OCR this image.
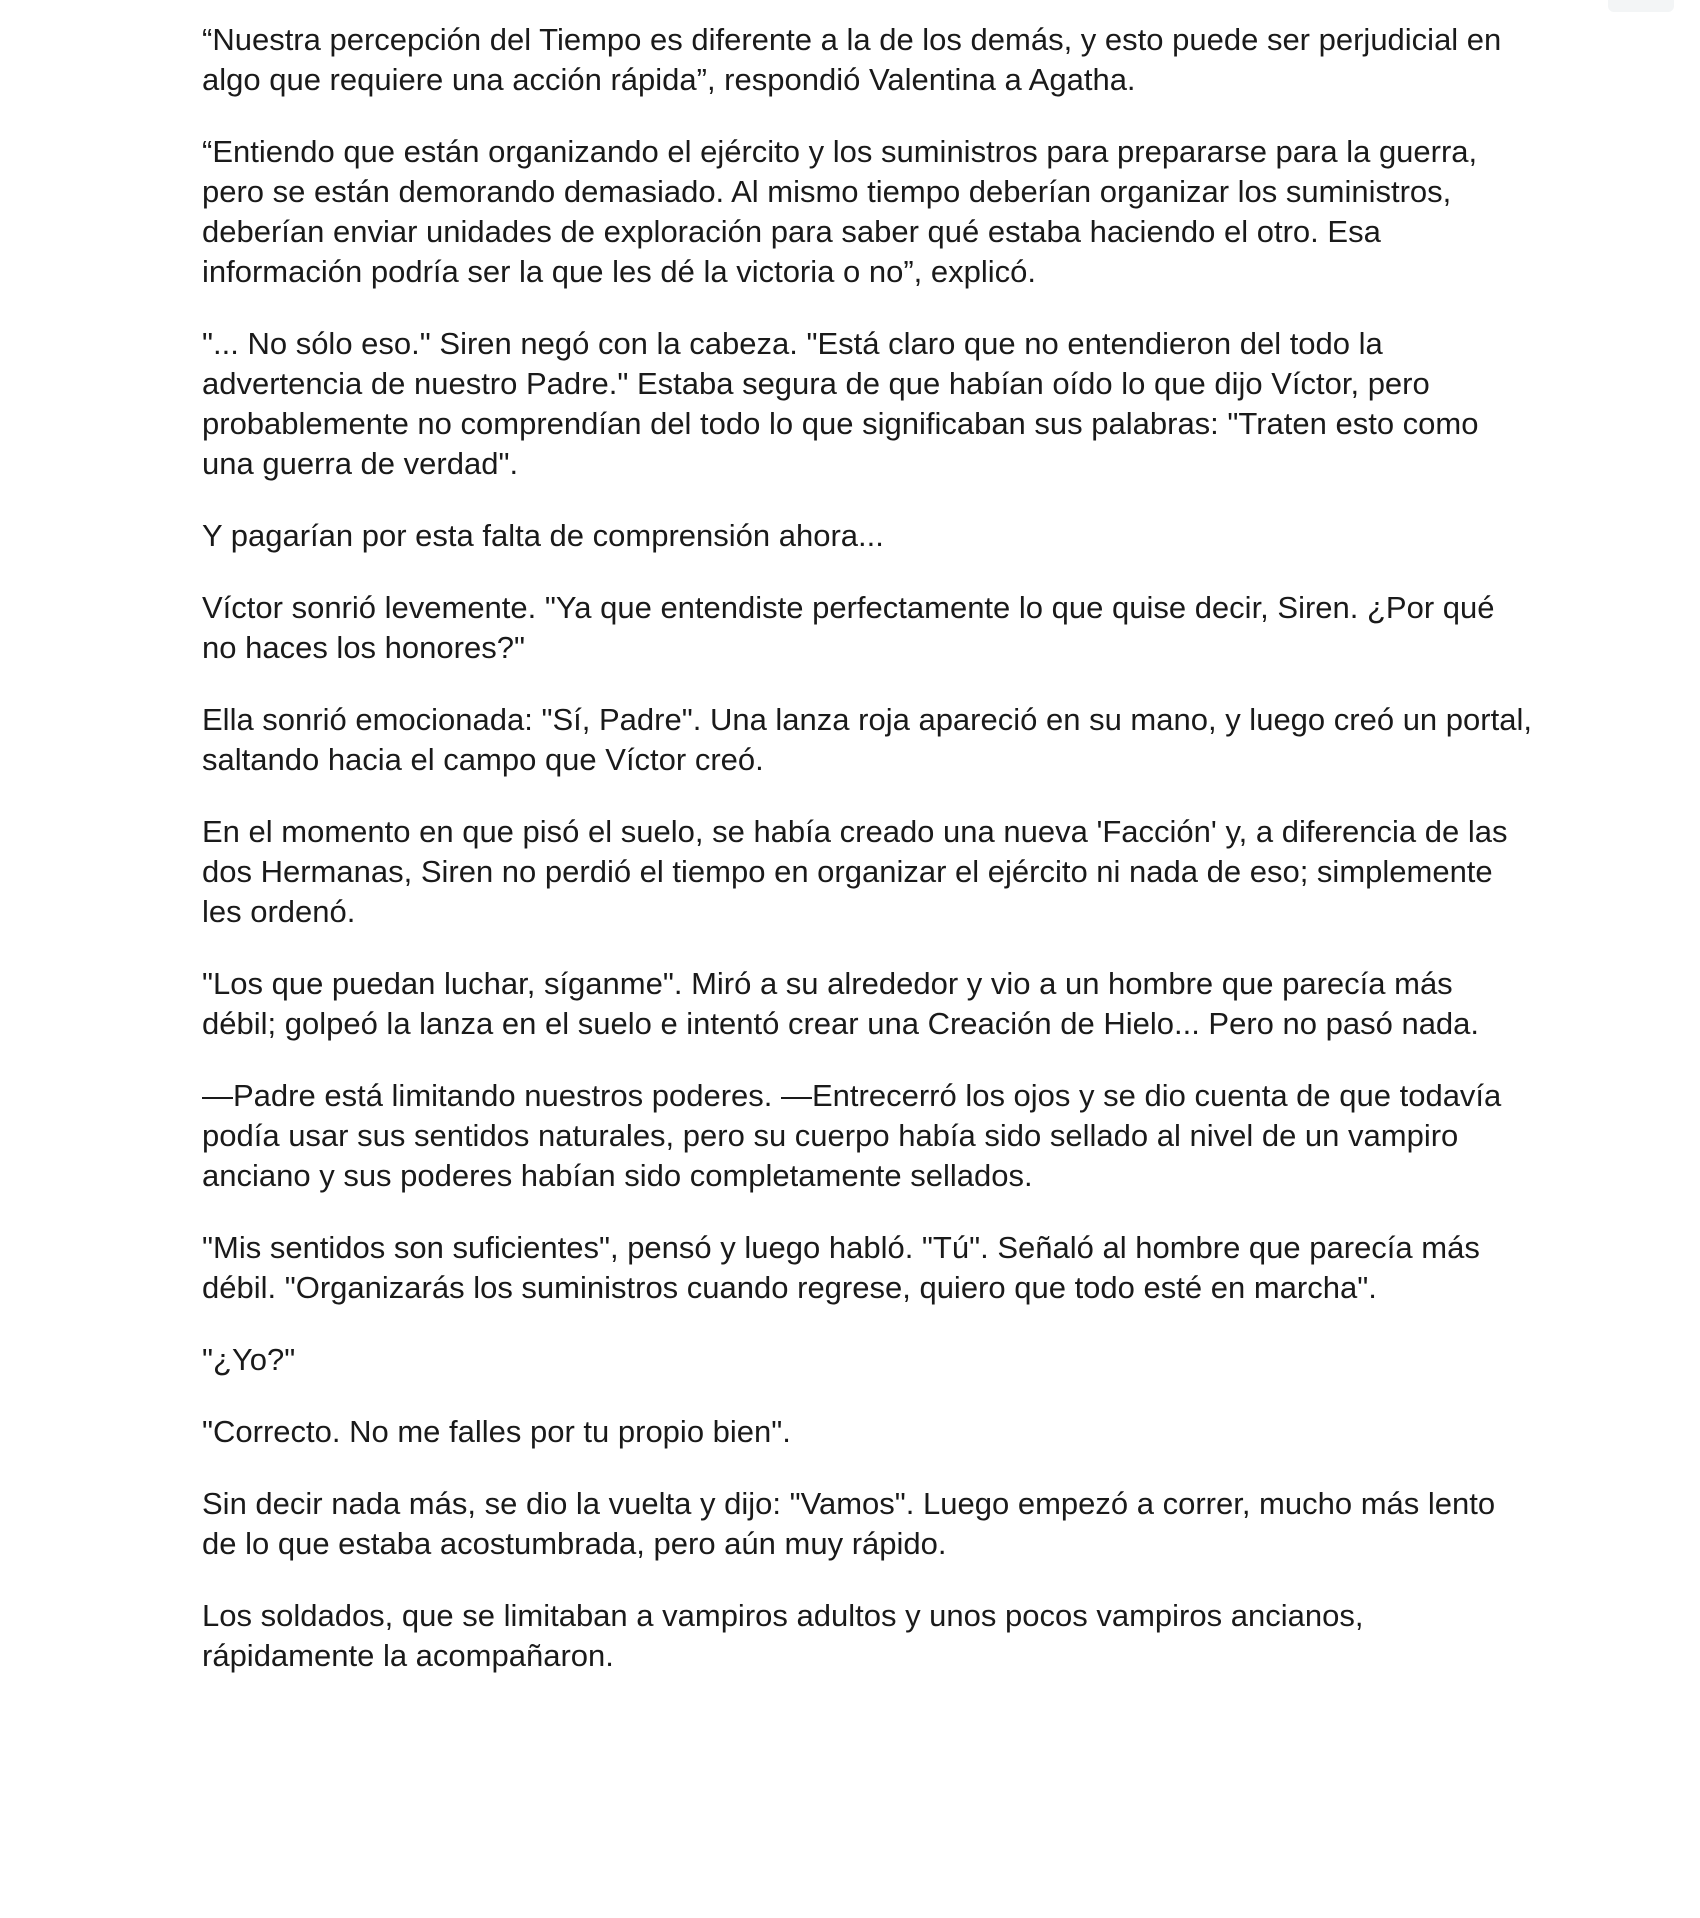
“Nuestra percepción del Tiempo es diferente a la de los demás, y esto puede ser perjudicial en algo que requiere una acción rápida”, respondió Valentina a Agatha.

“Entiendo que están organizando el ejército y los suministros para prepararse para la guerra, pero se están demorando demasiado. Al mismo tiempo deberían organizar los suministros, deberían enviar unidades de exploración para saber qué estaba haciendo el otro. Esa información podría ser la que les dé la victoria o no”, explicó.

"... No sólo eso." Siren negó con la cabeza. "Está claro que no entendieron del todo la advertencia de nuestro Padre." Estaba segura de que habían oído lo que dijo Víctor, pero probablemente no comprendían del todo lo que significaban sus palabras: "Traten esto como una guerra de verdad".

Y pagarían por esta falta de comprensión ahora...

Víctor sonrió levemente. "Ya que entendiste perfectamente lo que quise decir, Siren. ¿Por qué no haces los honores?"

Ella sonrió emocionada: "Sí, Padre". Una lanza roja apareció en su mano, y luego creó un portal, saltando hacia el campo que Víctor creó.

En el momento en que pisó el suelo, se había creado una nueva 'Facción' y, a diferencia de las dos Hermanas, Siren no perdió el tiempo en organizar el ejército ni nada de eso; simplemente les ordenó.

"Los que puedan luchar, síganme". Miró a su alrededor y vio a un hombre que parecía más débil; golpeó la lanza en el suelo e intentó crear una Creación de Hielo... Pero no pasó nada.

—Padre está limitando nuestros poderes. —Entrecerró los ojos y se dio cuenta de que todavía podía usar sus sentidos naturales, pero su cuerpo había sido sellado al nivel de un vampiro anciano y sus poderes habían sido completamente sellados.

"Mis sentidos son suficientes", pensó y luego habló. "Tú". Señaló al hombre que parecía más débil. "Organizarás los suministros cuando regrese, quiero que todo esté en marcha".

"¿Yo?"

"Correcto. No me falles por tu propio bien".

Sin decir nada más, se dio la vuelta y dijo: "Vamos". Luego empezó a correr, mucho más lento de lo que estaba acostumbrada, pero aún muy rápido.

Los soldados, que se limitaban a vampiros adultos y unos pocos vampiros ancianos, rápidamente la acompañaron.
